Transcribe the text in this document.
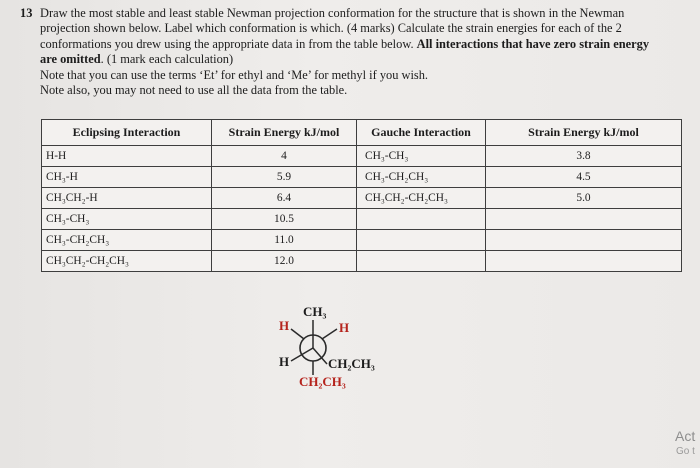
13 Draw the most stable and least stable Newman projection conformation for the structure that is shown in the Newman

projection shown below. Label which conformation is which. (4 marks) Calculate the strain energies for each of the 2

conformations you drew using the appropriate data in from the table below. All interactions that have zero strain energy

are omitted. (1 mark each calculation)

Note that you can use the terms ‘Et’ for ethyl and ‘Me’ for methyl if you wish.

Note also, you may not need to use all the data from the table.

Eclipsing Interaction	Strain Energy kJ/mol	Gauche Interaction	Strain Energy kJ/mol
H-H	4	CH₃-CH₃	3.8
CH₃-H	5.9	CH₃-CH₂CH₃	4.5
CH₃CH₂-H	6.4	CH₃CH₂-CH₂CH₃	5.0
CH₃-CH₃	10.5		
CH₃-CH₂CH₃	11.0		
CH₃CH₂-CH₂CH₃	12.0		
CH₃
H	H
H	CH₂CH₃
CH₂CH₃
Act
Go t
